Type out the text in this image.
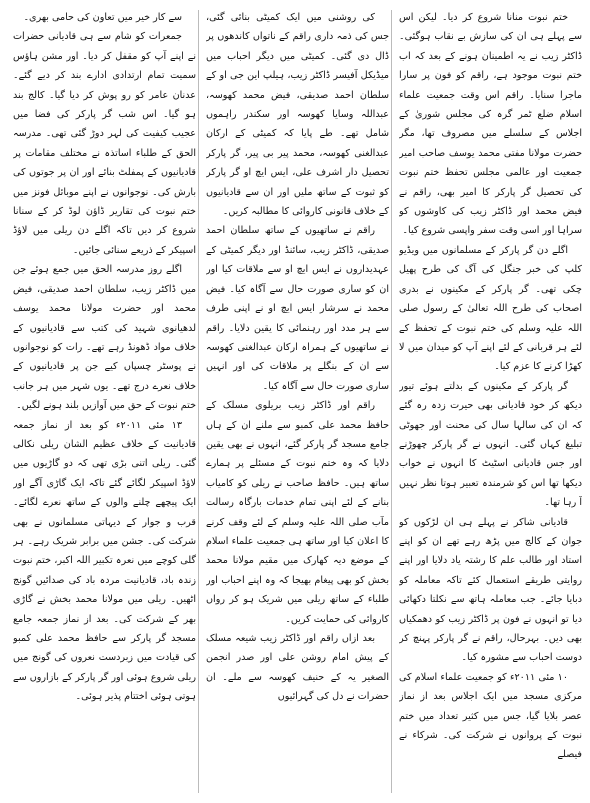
ختم نبوت منانا شروع کر دیا۔ لیکن اس سے پہلے ہی ان کی سازش بے نقاب ہوگئی۔ ڈاکٹر زیب نے یہ اطمینان ہونے کے بعد کہ اب ختم نبوت موجود ہے، راقم کو فون پر سارا ماجرا سنایا۔ راقم اس وقت جمعیت علماء اسلام ضلع ٹمر گرہ کی مجلس شوریٰ کے اجلاس کے سلسلے میں مصروف تھا، مگر حضرت مولانا مفتی محمد یوسف صاحب امیر جمعیت اور عالمی مجلس تحفظ ختم نبوت کی تحصیل گر پارکر کا امیر بھی، راقم نے فیض محمد اور ڈاکٹر زیب کی کاوشوں کو سراہا اور اسی وقت سفر واپسی شروع کیا۔

اگلے دن گر پارکر کے مسلمانوں میں ویڈیو کلپ کی خبر جنگل کی آگ کی طرح پھیل چکی تھی۔ گر پارکر کے مکینوں نے بدری اصحاب کی طرح اللہ تعالیٰ کے رسول صلی اللہ علیہ وسلم کی ختم نبوت کے تحفظ کے لئے ہر قربانی کے لئے اپنے آپ کو میدان میں لا کھڑا کرنے کا عزم کیا۔

گر پارکر کے مکینوں کے بدلتے ہوئے تیور دیکھ کر خود قادیانی بھی حیرت زدہ رہ گئے کہ ان کی سالہا سال کی محنت اور جھوٹی تبلیغ کہاں گئی۔ انہوں نے گر پارکر چھوڑنے اور جس قادیانی اسٹیٹ کا انہوں نے خواب دیکھا تھا اس کو شرمندہ تعبیر ہوتا نظر نہیں آ رہا تھا۔

قادیانی شاکر نے پہلے ہی ان لڑکوں کو جوان کے کالج میں پڑھ رہے تھے ان کو اپنے استاد اور طالب علم کا رشتہ یاد دلایا اور اپنے روایتی طریقے استعمال کئے تاکہ معاملہ کو دبایا جائے۔ جب معاملہ ہاتھ سے نکلتا دکھائی دیا تو انہوں نے فون پر ڈاکٹر زیب کو دھمکیاں بھی دیں۔ بہرحال، راقم نے گر پارکر پہنچ کر دوست احباب سے مشورہ کیا۔

۱۰ مئی ۲۰۱۱ء کو جمعیت علماء اسلام کی مرکزی مسجد میں ایک اجلاس بعد از نماز عصر بلایا گیا، جس میں کثیر تعداد میں ختم نبوت کے پروانوں نے شرکت کی۔ شرکاء نے فیصلے

کی روشنی میں ایک کمیٹی بنائی گئی، جس کی ذمہ داری راقم کے ناتواں کاندھوں پر ڈال دی گئی۔ کمیٹی میں دیگر احباب میں میڈیکل آفیسر ڈاکٹر زیب، ہیلپ این جی او کے سلطان احمد صدیقی، فیض محمد کھوسہ، عبداللہ وسایا کھوسہ اور سکندر راہموں شامل تھے۔ طے پایا کہ کمیٹی کے ارکان عبدالغنی کھوسہ، محمد پیر بی پیر، گر پارکر تحصیل دار اشرف علی، ایس ایچ او گر پارکر کو ثبوت کے ساتھ ملیں اور ان سے قادیانیوں کے خلاف قانونی کاروائی کا مطالبہ کریں۔

راقم نے ساتھیوں کے ساتھ سلطان احمد صدیقی، ڈاکٹر زیب، سائنڈ اور دیگر کمیٹی کے عہدیداروں نے ایس ایچ او سے ملاقات کیا اور ان کو ساری صورت حال سے آگاہ کیا۔ فیض محمد نے سرشار ایس ایچ او نے اپنی طرف سے ہر مدد اور رہنمائی کا یقین دلایا۔ راقم نے ساتھیوں کے ہمراہ ارکان عبدالغنی کھوسہ سے ان کے بنگلے پر ملاقات کی اور انہیں ساری صورت حال سے آگاہ کیا۔

راقم اور ڈاکٹر زیب بریلوی مسلک کے حافظ محمد علی کمبو سے ملنے ان کے ہاں جامع مسجد گر پارکر گئے، انہوں نے بھی یقین دلایا کہ وہ ختم نبوت کے مسئلے پر ہمارے ساتھ ہیں۔ حافظ صاحب نے ریلی کو کامیاب بنانے کے لئے اپنی تمام خدمات بارگاہ رسالت مآب صلی اللہ علیہ وسلم کے لئے وقف کرنے کا اعلان کیا اور ساتھ ہی جمعیت علماء اسلام کے موضع دیہ کھارک میں مقیم مولانا محمد بخش کو بھی پیغام بھیجا کہ وہ اپنے احباب اور طلباء کے ساتھ ریلی میں شریک ہو کر رواں کاروائی کی حمایت کریں۔

بعد ازاں راقم اور ڈاکٹر زیب شیعہ مسلک کے پیش امام روشن علی اور صدر انجمن الصغیر یہ کے حنیف کھوسہ سے ملے۔ ان حضرات نے دل کی گہرائیوں

سے کار خیر میں تعاون کی حامی بھری۔

جمعرات کو شام سے ہی قادیانی حضرات نے اپنے آپ کو مقفل کر دیا۔ اور مشن ہاؤس سمیت تمام ارتدادی ادارے بند کر دیے گئے۔ عدنان عامر کو رو پوش کر دیا گیا۔ کالج بند ہو گیا۔ اس شب گر پارکر کی فضا میں عجیب کیفیت کی لہر دوڑ گئی تھی۔ مدرسہ الحق کے طلباء اساتذہ نے مختلف مقامات پر قادیانیوں کے پمفلٹ بنائے اور ان پر جوتوں کی بارش کی۔ نوجوانوں نے اپنے موبائل فونز میں ختم نبوت کی تقاریر ڈاؤن لوڈ کر کے سنانا شروع کر دیں تاکہ اگلے دن ریلی میں لاؤڈ اسپیکر کے ذریعے سنائی جائیں۔

اگلے روز مدرسہ الحق میں جمع ہوئے جن میں ڈاکٹر زیب، سلطان احمد صدیقی، فیض محمد اور حضرت مولانا محمد یوسف لدھیانوی شہید کی کتب سے قادیانیوں کے خلاف مواد ڈھونڈ رہے تھے۔ رات کو نوجوانوں نے پوسٹر چسپاں کیے جن پر قادیانیوں کے خلاف نعرے درج تھے۔ یوں شہر میں ہر جانب ختم نبوت کے حق میں آوازیں بلند ہونے لگیں۔

۱۳ مئی ۲۰۱۱ء کو بعد از نماز جمعہ قادیانیت کے خلاف عظیم الشان ریلی نکالی گئی۔ ریلی اتنی بڑی تھی کہ دو گاڑیوں میں لاؤڈ اسپیکر لگائے گئے تاکہ ایک گاڑی آگے اور ایک پیچھے چلنے والوں کے ساتھ نعرے لگائے۔ قرب و جوار کے دیہاتی مسلمانوں نے بھی شرکت کی۔ جشن میں برابر شریک رہے۔ ہر گلی کوچے میں نعرہ تکبیر اللہ اکبر، ختم نبوت زندہ باد، قادیانیت مردہ باد کی صدائیں گونج اٹھیں۔ ریلی میں مولانا محمد بخش نے گاڑی بھر کے شرکت کی۔ بعد از نماز جمعہ جامع مسجد گر پارکر سے حافظ محمد علی کمبو کی قیادت میں زبردست نعروں کی گونج میں ریلی شروع ہوئی اور گر پارکر کے بازاروں سے ہوتی ہوئی اختتام پذیر ہوئی۔
